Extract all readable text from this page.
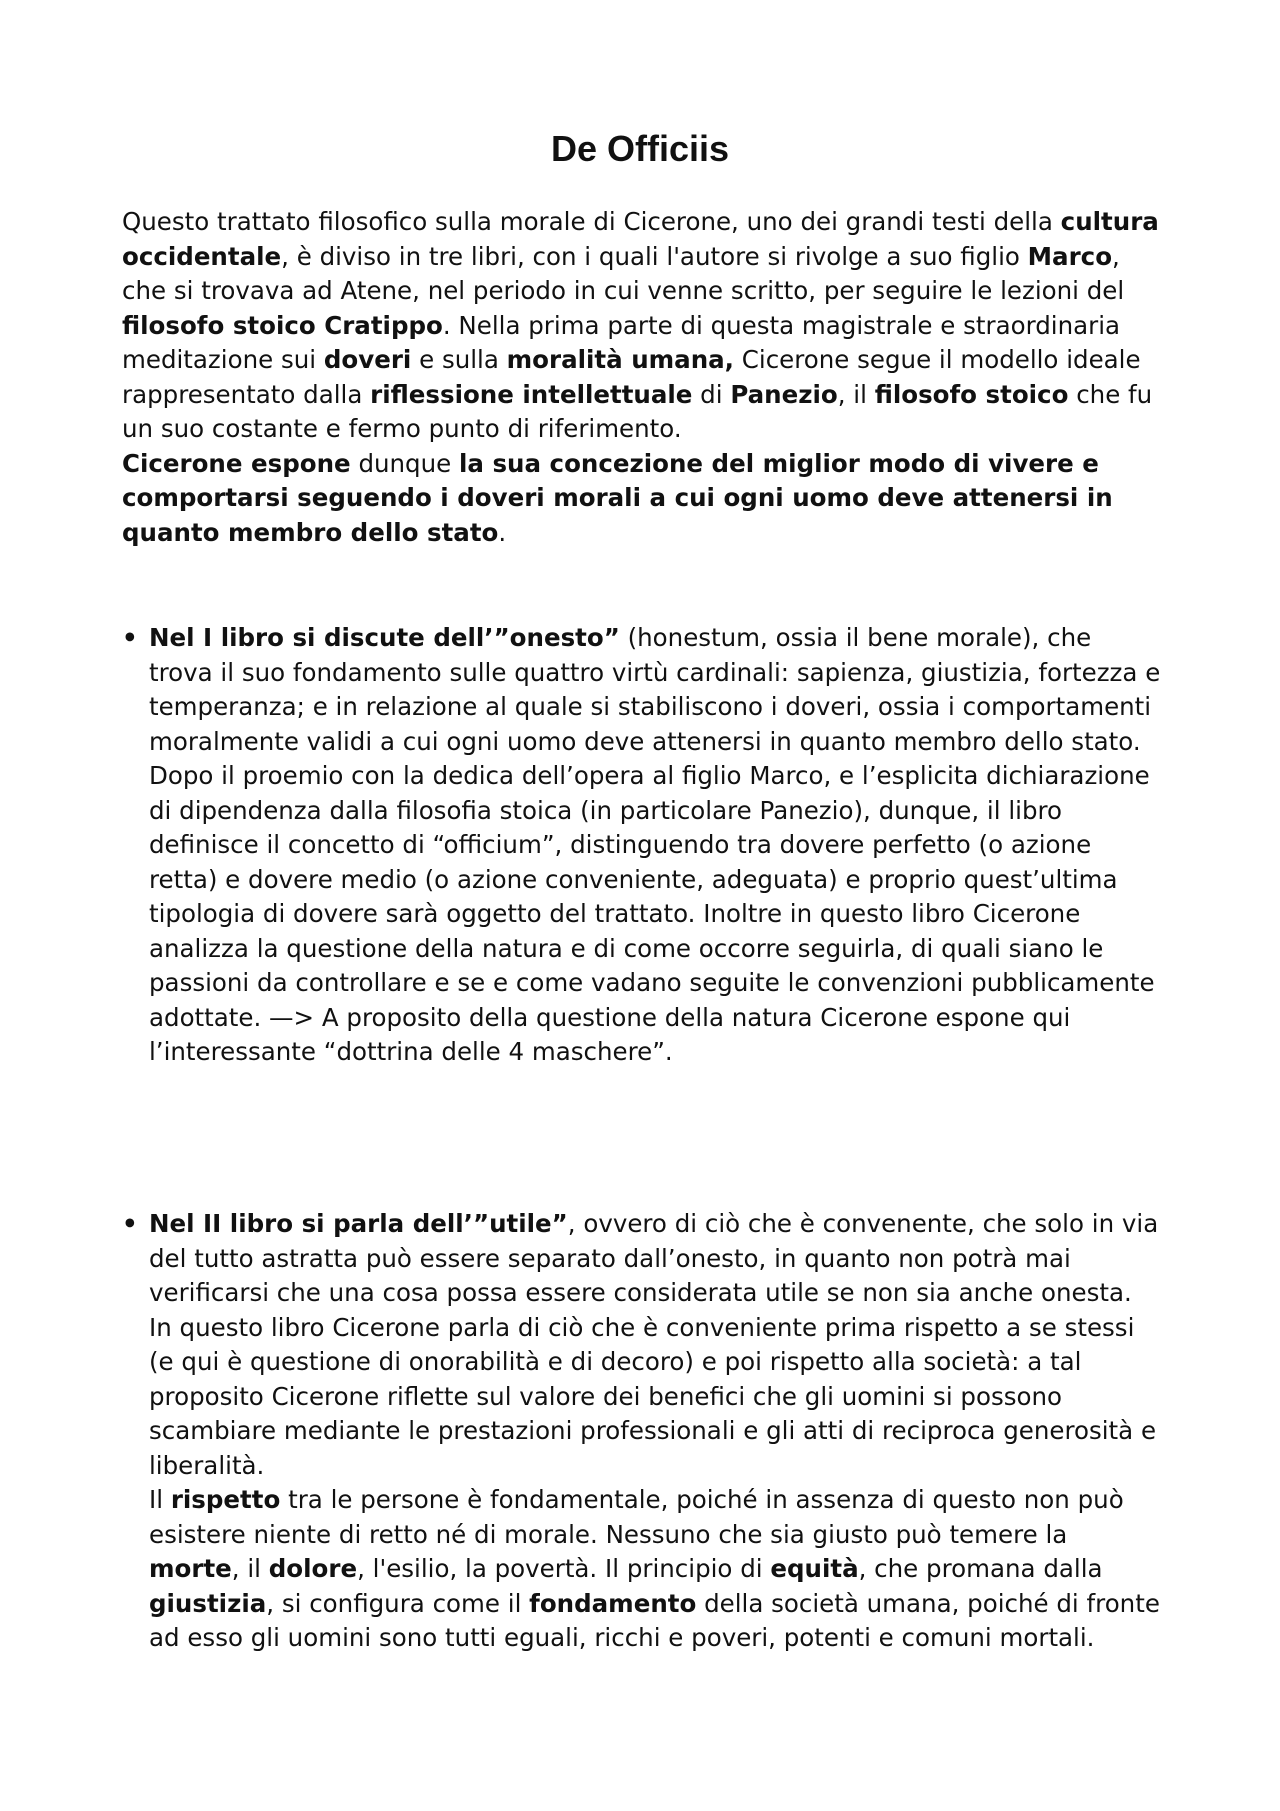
De Officiis

Questo trattato filosofico sulla morale di Cicerone, uno dei grandi testi della cultura occidentale, è diviso in tre libri, con i quali l'autore si rivolge a suo figlio Marco, che si trovava ad Atene, nel periodo in cui venne scritto, per seguire le lezioni del filosofo stoico Cratippo. Nella prima parte di questa magistrale e straordinaria meditazione sui doveri e sulla moralità umana, Cicerone segue il modello ideale rappresentato dalla riflessione intellettuale di Panezio, il filosofo stoico che fu un suo costante e fermo punto di riferimento.
Cicerone espone dunque la sua concezione del miglior modo di vivere e comportarsi seguendo i doveri morali a cui ogni uomo deve attenersi in quanto membro dello stato.

• Nel I libro si discute dell’”onesto” (honestum, ossia il bene morale), che trova il suo fondamento sulle quattro virtù cardinali: sapienza, giustizia, fortezza e temperanza; e in relazione al quale si stabiliscono i doveri, ossia i comportamenti moralmente validi a cui ogni uomo deve attenersi in quanto membro dello stato. Dopo il proemio con la dedica dell’opera al figlio Marco, e l’esplicita dichiarazione di dipendenza dalla filosofia stoica (in particolare Panezio), dunque, il libro definisce il concetto di “officium”, distinguendo tra dovere perfetto (o azione retta) e dovere medio (o azione conveniente, adeguata) e proprio quest’ultima tipologia di dovere sarà oggetto del trattato. Inoltre in questo libro Cicerone analizza la questione della natura e di come occorre seguirla, di quali siano le passioni da controllare e se e come vadano seguite le convenzioni pubblicamente adottate. —> A proposito della questione della natura Cicerone espone qui l’interessante “dottrina delle 4 maschere”.
• Nel II libro si parla dell’”utile”, ovvero di ciò che è convenente, che solo in via del tutto astratta può essere separato dall’onesto, in quanto non potrà mai verificarsi che una cosa possa essere considerata utile se non sia anche onesta. In questo libro Cicerone parla di ciò che è conveniente prima rispetto a se stessi (e qui è questione di onorabilità e di decoro) e poi rispetto alla società: a tal proposito Cicerone riflette sul valore dei benefici che gli uomini si possono scambiare mediante le prestazioni professionali e gli atti di reciproca generosità e liberalità.
Il rispetto tra le persone è fondamentale, poiché in assenza di questo non può esistere niente di retto né di morale. Nessuno che sia giusto può temere la morte, il dolore, l'esilio, la povertà. Il principio di equità, che promana dalla giustizia, si configura come il fondamento della società umana, poiché di fronte ad esso gli uomini sono tutti eguali, ricchi e poveri, potenti e comuni mortali.
